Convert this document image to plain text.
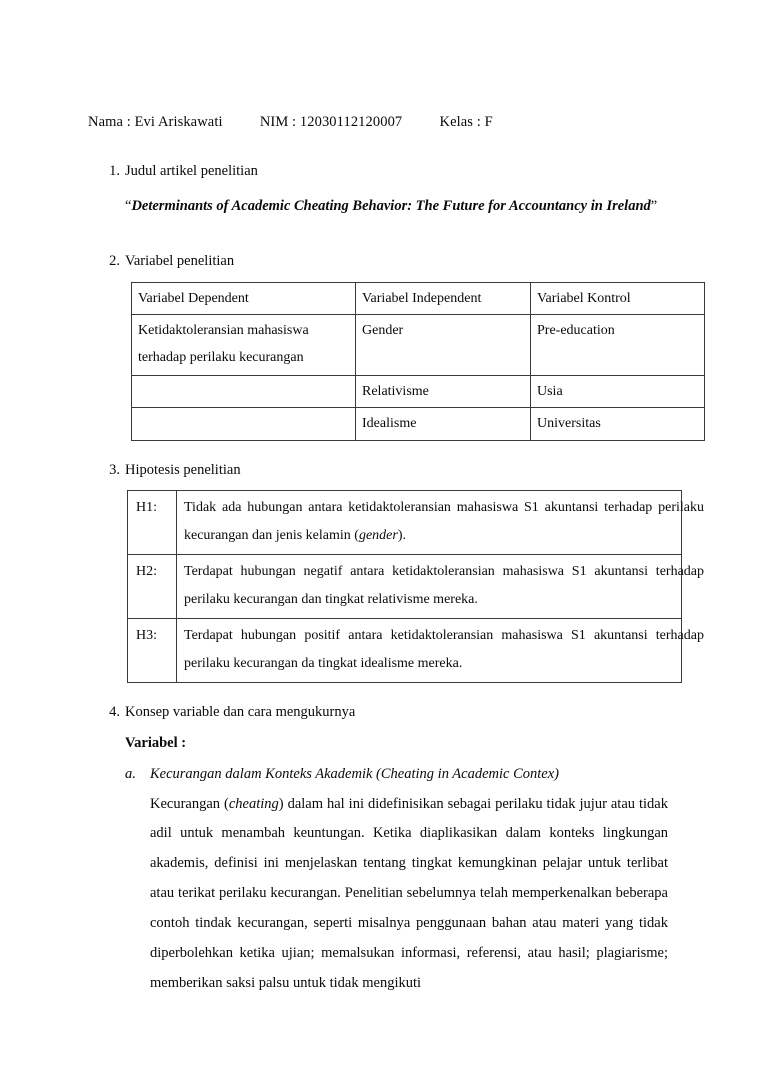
Nama : Evi Ariskawati          NIM : 12030112120007          Kelas : F
1. Judul artikel penelitian
“Determinants of Academic Cheating Behavior: The Future for Accountancy in Ireland”
2. Variabel penelitian
Variabel Dependent	Variabel Independent	Variabel Kontrol

Ketidaktoleransian mahasiswa
terhadap perilaku kecurangan	Gender	Pre-education
	Relativisme	Usia
	Idealisme	Universitas
3. Hipotesis penelitian
H1:	Tidak ada hubungan antara ketidaktoleransian mahasiswa S1 akuntansi terhadap perilaku kecurangan dan jenis kelamin (gender).

H2:	Terdapat hubungan negatif antara ketidaktoleransian mahasiswa S1 akuntansi terhadap perilaku kecurangan dan tingkat relativisme mereka.

H3:	Terdapat hubungan positif antara ketidaktoleransian mahasiswa S1 akuntansi terhadap perilaku kecurangan da tingkat idealisme mereka.
4. Konsep variable dan cara mengukurnya
Variabel :
a. Kecurangan dalam Konteks Akademik (Cheating in Academic Contex)
Kecurangan (cheating) dalam hal ini didefinisikan sebagai perilaku tidak jujur atau tidak adil untuk menambah keuntungan. Ketika diaplikasikan dalam konteks lingkungan akademis, definisi ini menjelaskan tentang tingkat kemungkinan pelajar untuk terlibat atau terikat perilaku kecurangan. Penelitian sebelumnya telah memperkenalkan beberapa contoh tindak kecurangan, seperti misalnya penggunaan bahan atau materi yang tidak diperbolehkan ketika ujian; memalsukan informasi, referensi, atau hasil; plagiarisme; memberikan saksi palsu untuk tidak mengikuti
